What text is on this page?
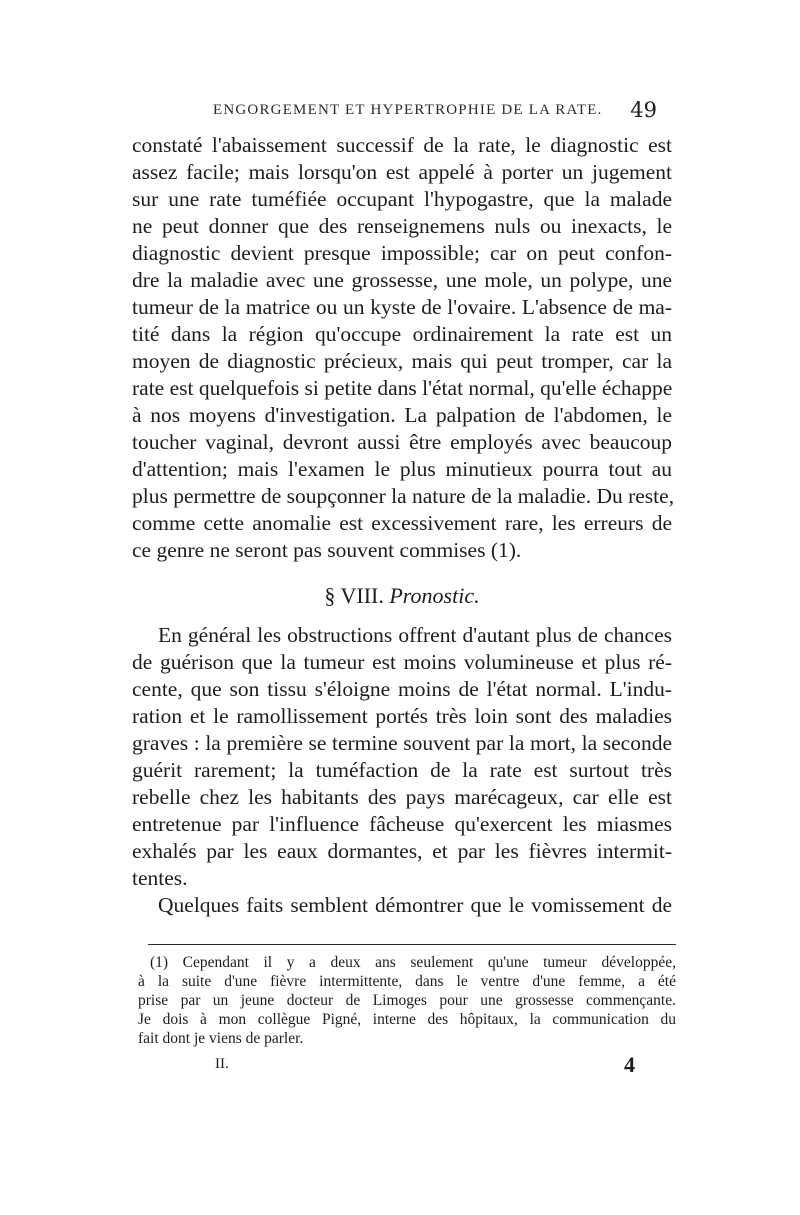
ENGORGEMENT ET HYPERTROPHIE DE LA RATE. 49
constaté l'abaissement successif de la rate, le diagnostic est
assez facile; mais lorsqu'on est appelé à porter un jugement
sur une rate tuméfiée occupant l'hypogastre, que la malade
ne peut donner que des renseignemens nuls ou inexacts, le
diagnostic devient presque impossible; car on peut confon-
dre la maladie avec une grossesse, une mole, un polype, une
tumeur de la matrice ou un kyste de l'ovaire. L'absence de ma-
tité dans la région qu'occupe ordinairement la rate est un
moyen de diagnostic précieux, mais qui peut tromper, car la
rate est quelquefois si petite dans l'état normal, qu'elle échappe
à nos moyens d'investigation. La palpation de l'abdomen, le
toucher vaginal, devront aussi être employés avec beaucoup
d'attention; mais l'examen le plus minutieux pourra tout au
plus permettre de soupçonner la nature de la maladie. Du reste,
comme cette anomalie est excessivement rare, les erreurs de
ce genre ne seront pas souvent commises (1).
§ VIII. Pronostic.
En général les obstructions offrent d'autant plus de chances
de guérison que la tumeur est moins volumineuse et plus ré-
cente, que son tissu s'éloigne moins de l'état normal. L'indu-
ration et le ramollissement portés très loin sont des maladies
graves : la première se termine souvent par la mort, la seconde
guérit rarement; la tuméfaction de la rate est surtout très
rebelle chez les habitants des pays marécageux, car elle est
entretenue par l'influence fâcheuse qu'exercent les miasmes
exhalés par les eaux dormantes, et par les fièvres intermit-
tentes.
Quelques faits semblent démontrer que le vomissement de
(1) Cependant il y a deux ans seulement qu'une tumeur développée,
à la suite d'une fièvre intermittente, dans le ventre d'une femme, a été
prise par un jeune docteur de Limoges pour une grossesse commençante.
Je dois à mon collègue Pigné, interne des hôpitaux, la communication du
fait dont je viens de parler.
II.	4
